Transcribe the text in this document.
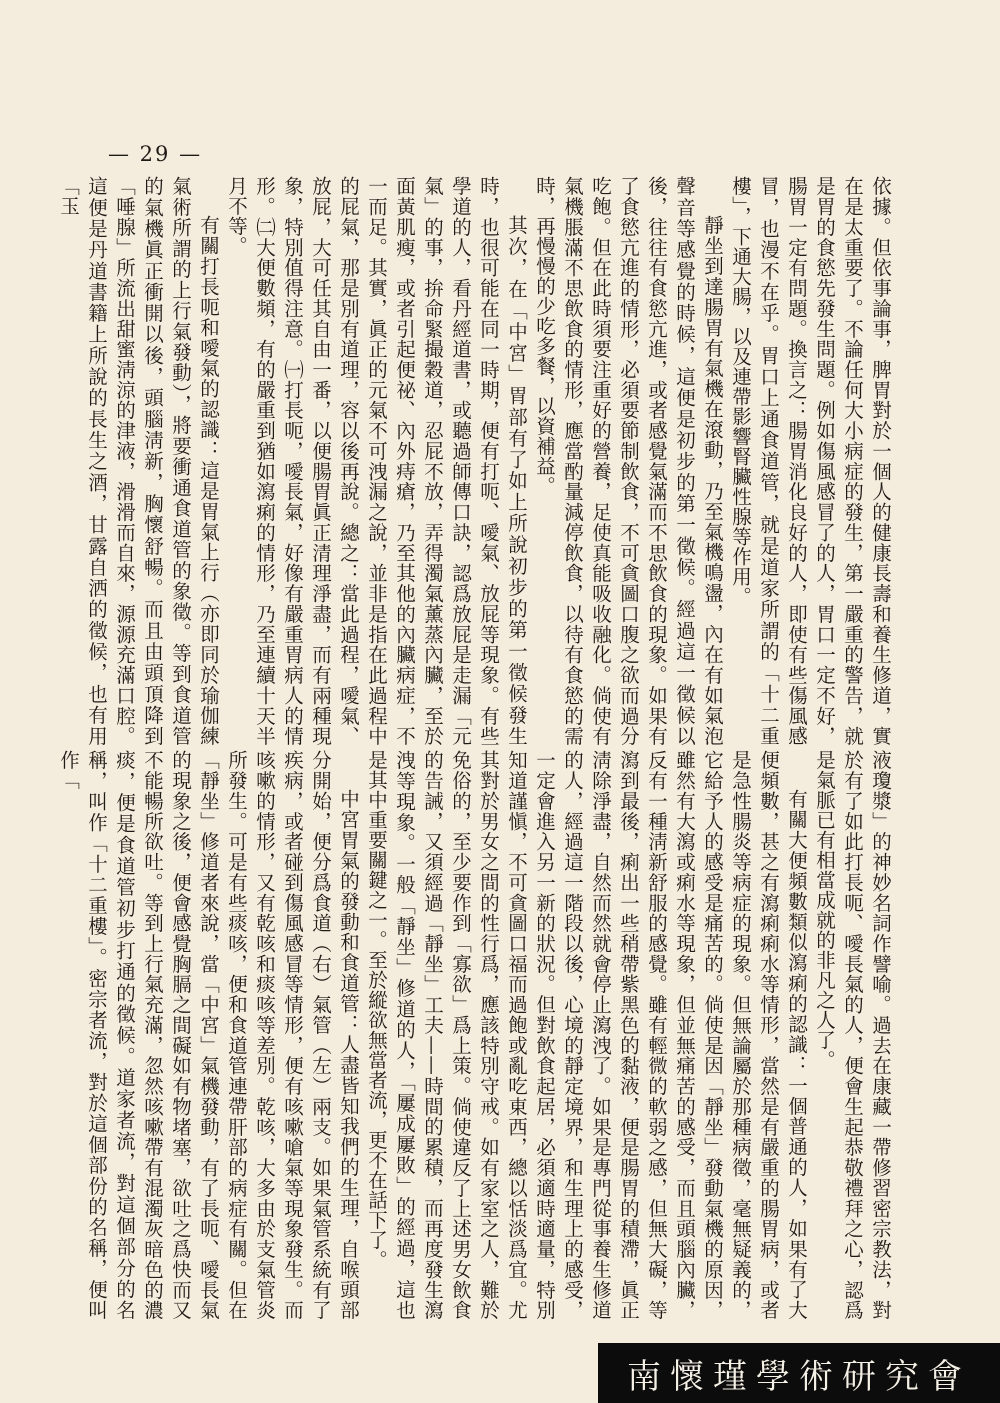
— 29 —

依據。但依事論事，脾胃對於一個人的健康長壽和養生修道，實在是太重要了。不論任何大小病症的發生，第一嚴重的警告，就是胃的食慾先發生問題。例如傷風感冒了的人，胃口一定不好，腸胃一定有問題。換言之：腸胃消化良好的人，即使有些傷風感冒，也漫不在乎。胃口上通食道管，就是道家所謂的「十二重樓」，下通大腸，以及連帶影響腎臟性腺等作用。

靜坐到達腸胃有氣機在滾動，乃至氣機鳴盪，內在有如氣泡聲音等感覺的時候，這便是初步的第一徵候。經過這一徵候以後，往往有食慾亢進，或者感覺氣滿而不思飲食的現象。如果有了食慾亢進的情形，必須要節制飲食，不可貪圖口腹之欲而過分吃飽。但在此時須要注重好的營養，足使真能吸收融化。倘使有氣機脹滿不思飲食的情形，應當酌量減停飲食，以待有食慾的需時，再慢慢的少吃多餐，以資補益。

其次，在「中宮」胃部有了如上所說初步的第一徵候發生時，也很可能在同一時期，便有打呃、噯氣、放屁等現象。有些學道的人，看丹經道書，或聽過師傳口訣，認爲放屁是走漏「元氣」的事，拚命緊撮穀道，忍屁不放，弄得濁氣薰蒸內臟，至於面黃肌瘦，或者引起便祕、內外痔瘡，乃至其他的內臟病症，不一而足。其實，眞正的元氣不可洩漏之說，並非是指在此過程中的屁氣，那是別有道理，容以後再說。總之：當此過程，噯氣、放屁，大可任其自由一番，以便腸胃眞正清理淨盡，而有兩種現象，特別值得注意。㈠打長呃，噯長氣，好像有嚴重胃病人的情形。㈡大便數頻，有的嚴重到猶如瀉痢的情形，乃至連續十天半月不等。

有關打長呃和噯氣的認識：這是胃氣上行（亦即同於瑜伽練氣術所謂的上行氣發動），將要衝通食道管的象徵。等到食道管的氣機眞正衝開以後，頭腦淸新，胸懷舒暢。而且由頭頂降到「唾腺」所流出甜蜜淸涼的津液，滑滑而自來，源源充滿口腔。這便是丹道書籍上所說的長生之酒，甘露自洒的徵候，也有用「玉

液瓊漿」的神妙名詞作譬喻。過去在康藏一帶修習密宗教法，對於有了如此打長呃、噯長氣的人，便會生起恭敬禮拜之心，認爲是氣脈已有相當成就的非凡之人了。

有關大便頻數類似瀉痢的認識：一個普通的人，如果有了大便頻數，甚之有瀉痢痢水等情形，當然是有嚴重的腸胃病，或者是急性腸炎等病症的現象。但無論屬於那種病徵，毫無疑義的，它給予人的感受是痛苦的。倘使是因「靜坐」發動氣機的原因，雖然有大瀉或痢水等現象，但並無痛苦的感受，而且頭腦內臟，反有一種淸新舒服的感覺。雖有輕微的軟弱之感，但無大礙，等瀉到最後，痢出一些稍帶紫黑色的黏液，便是腸胃的積滯，眞正淸除淨盡，自然而然就會停止瀉洩了。如果是專門從事養生修道的人，經過這一階段以後，心境的靜定境界，和生理上的感受，一定會進入另一新的狀況。但對飲食起居，必須適時適量，特別知道謹愼，不可貪圖口福而過飽或亂吃東西，總以恬淡爲宜。尤其對於男女之間的性行爲，應該特別守戒。如有家室之人，難於免俗的，至少要作到「寡欲」爲上策。倘使違反了上述男女飲食的告誡，又須經過「靜坐」工夫——時間的累積，而再度發生瀉洩等現象。一般「靜坐」修道的人，「屢成屢敗」的經過，這也是其中重要關鍵之一。至於縱欲無當者流，更不在話下了。

中宮胃氣的發動和食道管：人盡皆知我們的生理，自喉頭部分開始，便分爲食道（右）氣管（左）兩支。如果氣管系統有了疾病，或者碰到傷風感冒等情形，便有咳嗽嗆氣等現象發生。而咳嗽的情形，又有乾咳和痰咳等差別。乾咳，大多由於支氣管炎所發生。可是有些痰咳，便和食道管連帶肝部的病症有關。但在「靜坐」修道者來說，當「中宮」氣機發動，有了長呃、噯長氣的現象之後，便會感覺胸膈之間礙如有物堵塞，欲吐之爲快而又不能暢所欲吐。等到上行氣充滿，忽然咳嗽帶有混濁灰暗色的濃痰，便是食道管初步打通的徵候。道家者流，對這個部分的名稱，叫作「十二重樓」。密宗者流，對於這個部份的名稱，便叫作「

南懷瑾學術研究會
